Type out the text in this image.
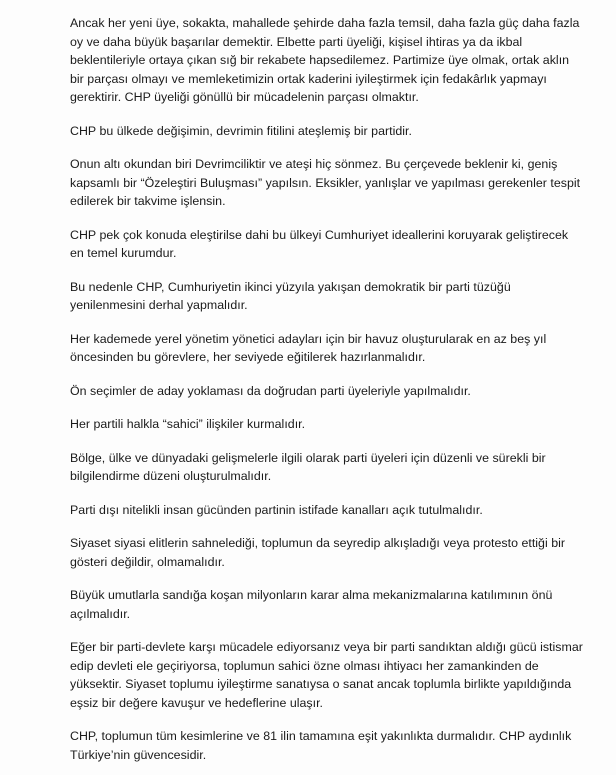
Ancak her yeni üye, sokakta, mahallede şehirde daha fazla temsil, daha fazla güç daha fazla
oy ve daha büyük başarılar demektir. Elbette parti üyeliği, kişisel ihtiras ya da ikbal
beklentileriyle ortaya çıkan sığ bir rekabete hapsedilemez. Partimize üye olmak, ortak aklın
bir parçası olmayı ve memleketimizin ortak kaderini iyileştirmek için fedakârlık yapmayı
gerektirir. CHP üyeliği gönüllü bir mücadelenin parçası olmaktır.

CHP bu ülkede değişimin, devrimin fitilini ateşlemiş bir partidir.

Onun altı okundan biri Devrimciliktir ve ateşi hiç sönmez. Bu çerçevede beklenir ki, geniş
kapsamlı bir “Özeleştiri Buluşması” yapılsın. Eksikler, yanlışlar ve yapılması gerekenler tespit
edilerek bir takvime işlensin.

CHP pek çok konuda eleştirilse dahi bu ülkeyi Cumhuriyet ideallerini koruyarak geliştirecek
en temel kurumdur.

Bu nedenle CHP, Cumhuriyetin ikinci yüzyıla yakışan demokratik bir parti tüzüğü
yenilenmesini derhal yapmalıdır.

Her kademede yerel yönetim yönetici adayları için bir havuz oluşturularak en az beş yıl
öncesinden bu görevlere, her seviyede eğitilerek hazırlanmalıdır.

Ön seçimler de aday yoklaması da doğrudan parti üyeleriyle yapılmalıdır.

Her partili halkla “sahici” ilişkiler kurmalıdır.

Bölge, ülke ve dünyadaki gelişmelerle ilgili olarak parti üyeleri için düzenli ve sürekli bir
bilgilendirme düzeni oluşturulmalıdır.

Parti dışı nitelikli insan gücünden partinin istifade kanalları açık tutulmalıdır.

Siyaset siyasi elitlerin sahnelediği, toplumun da seyredip alkışladığı veya protesto ettiği bir
gösteri değildir, olmamalıdır.

Büyük umutlarla sandığa koşan milyonların karar alma mekanizmalarına katılımının önü
açılmalıdır.

Eğer bir parti-devlete karşı mücadele ediyorsanız veya bir parti sandıktan aldığı gücü istismar
edip devleti ele geçiriyorsa, toplumun sahici özne olması ihtiyacı her zamankinden de
yüksektir. Siyaset toplumu iyileştirme sanatıysa o sanat ancak toplumla birlikte yapıldığında
eşsiz bir değere kavuşur ve hedeflerine ulaşır.

CHP, toplumun tüm kesimlerine ve 81 ilin tamamına eşit yakınlıkta durmalıdır. CHP aydınlık
Türkiye’nin güvencesidir.
